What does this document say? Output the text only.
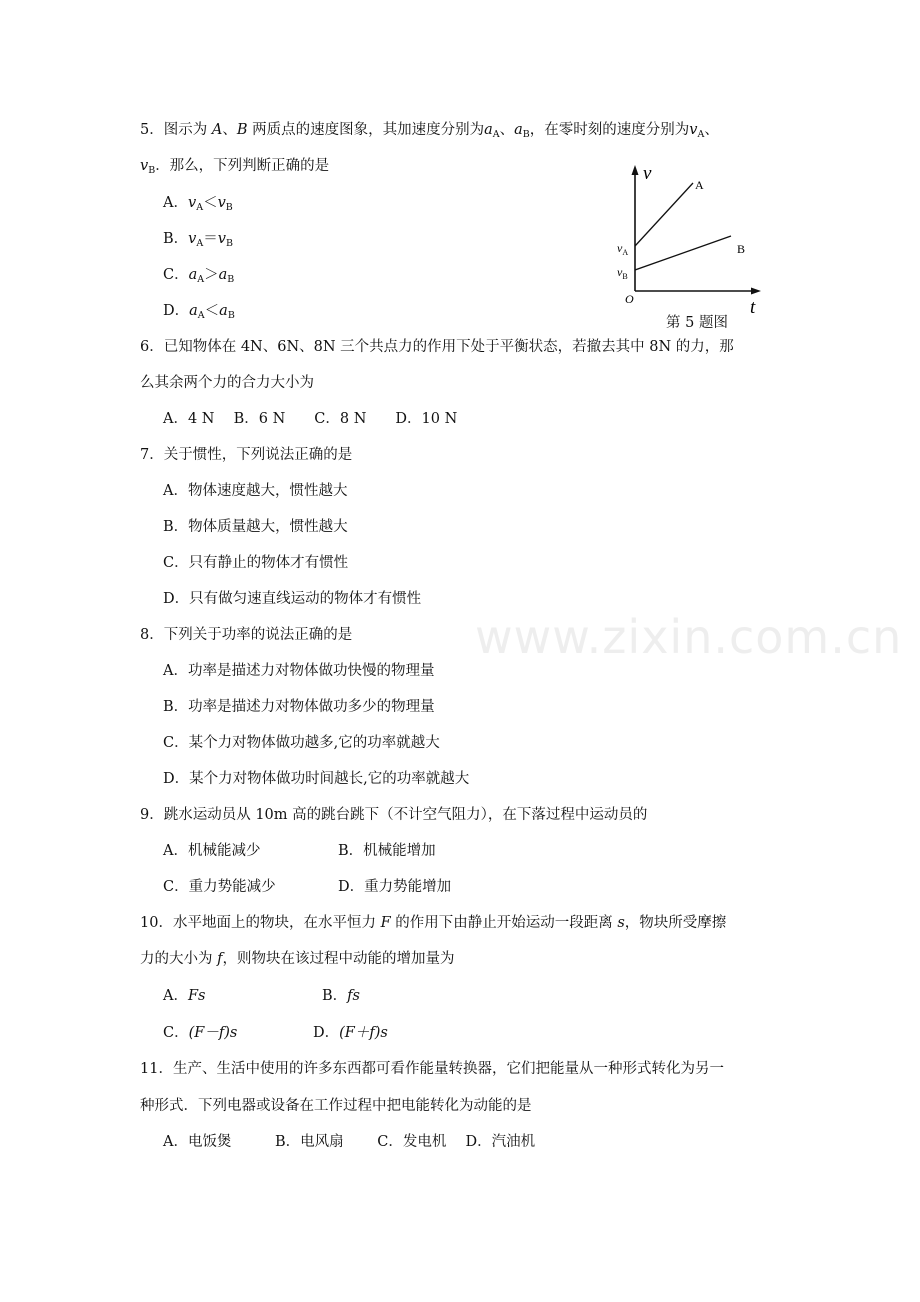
www.zixin.com.cn
5．图示为 A、B 两质点的速度图象，其加速度分别为$a_A$、$a_B$，在零时刻的速度分别为$v_A$、
$v_B$．那么，下列判断正确的是
A．$v_A<v_B$
B．$v_A=v_B$
C．$a_A>a_B$
D．$a_A<a_B$
v
t
O
A
B
$v_A$
$v_B$
第 5 题图
6．已知物体在 4N、6N、8N 三个共点力的作用下处于平衡状态，若撤去其中 8N 的力，那
么其余两个力的合力大小为
A．4 N　 B．6 N　　C．8 N　　D．10 N
7．关于惯性，下列说法正确的是
A．物体速度越大，惯性越大
B．物体质量越大，惯性越大
C．只有静止的物体才有惯性
D．只有做匀速直线运动的物体才有惯性
8．下列关于功率的说法正确的是
A．功率是描述力对物体做功快慢的物理量
B．功率是描述力对物体做功多少的物理量
C．某个力对物体做功越多,它的功率就越大
D．某个力对物体做功时间越长,它的功率就越大
9．跳水运动员从 10m 高的跳台跳下（不计空气阻力），在下落过程中运动员的
A．机械能减少	B．机械能增加
C．重力势能减少	D．重力势能增加
10．水平地面上的物块，在水平恒力 F 的作用下由静止开始运动一段距离 s，物块所受摩擦
力的大小为 f，则物块在该过程中动能的增加量为
A．Fs	B．fs
C．(F－f)s	D．(F＋f)s
11．生产、生活中使用的许多东西都可看作能量转换器，它们把能量从一种形式转化为另一
种形式．下列电器或设备在工作过程中把电能转化为动能的是
A．电饭煲　　　B．电风扇　　 C．发电机　 D．汽油机
